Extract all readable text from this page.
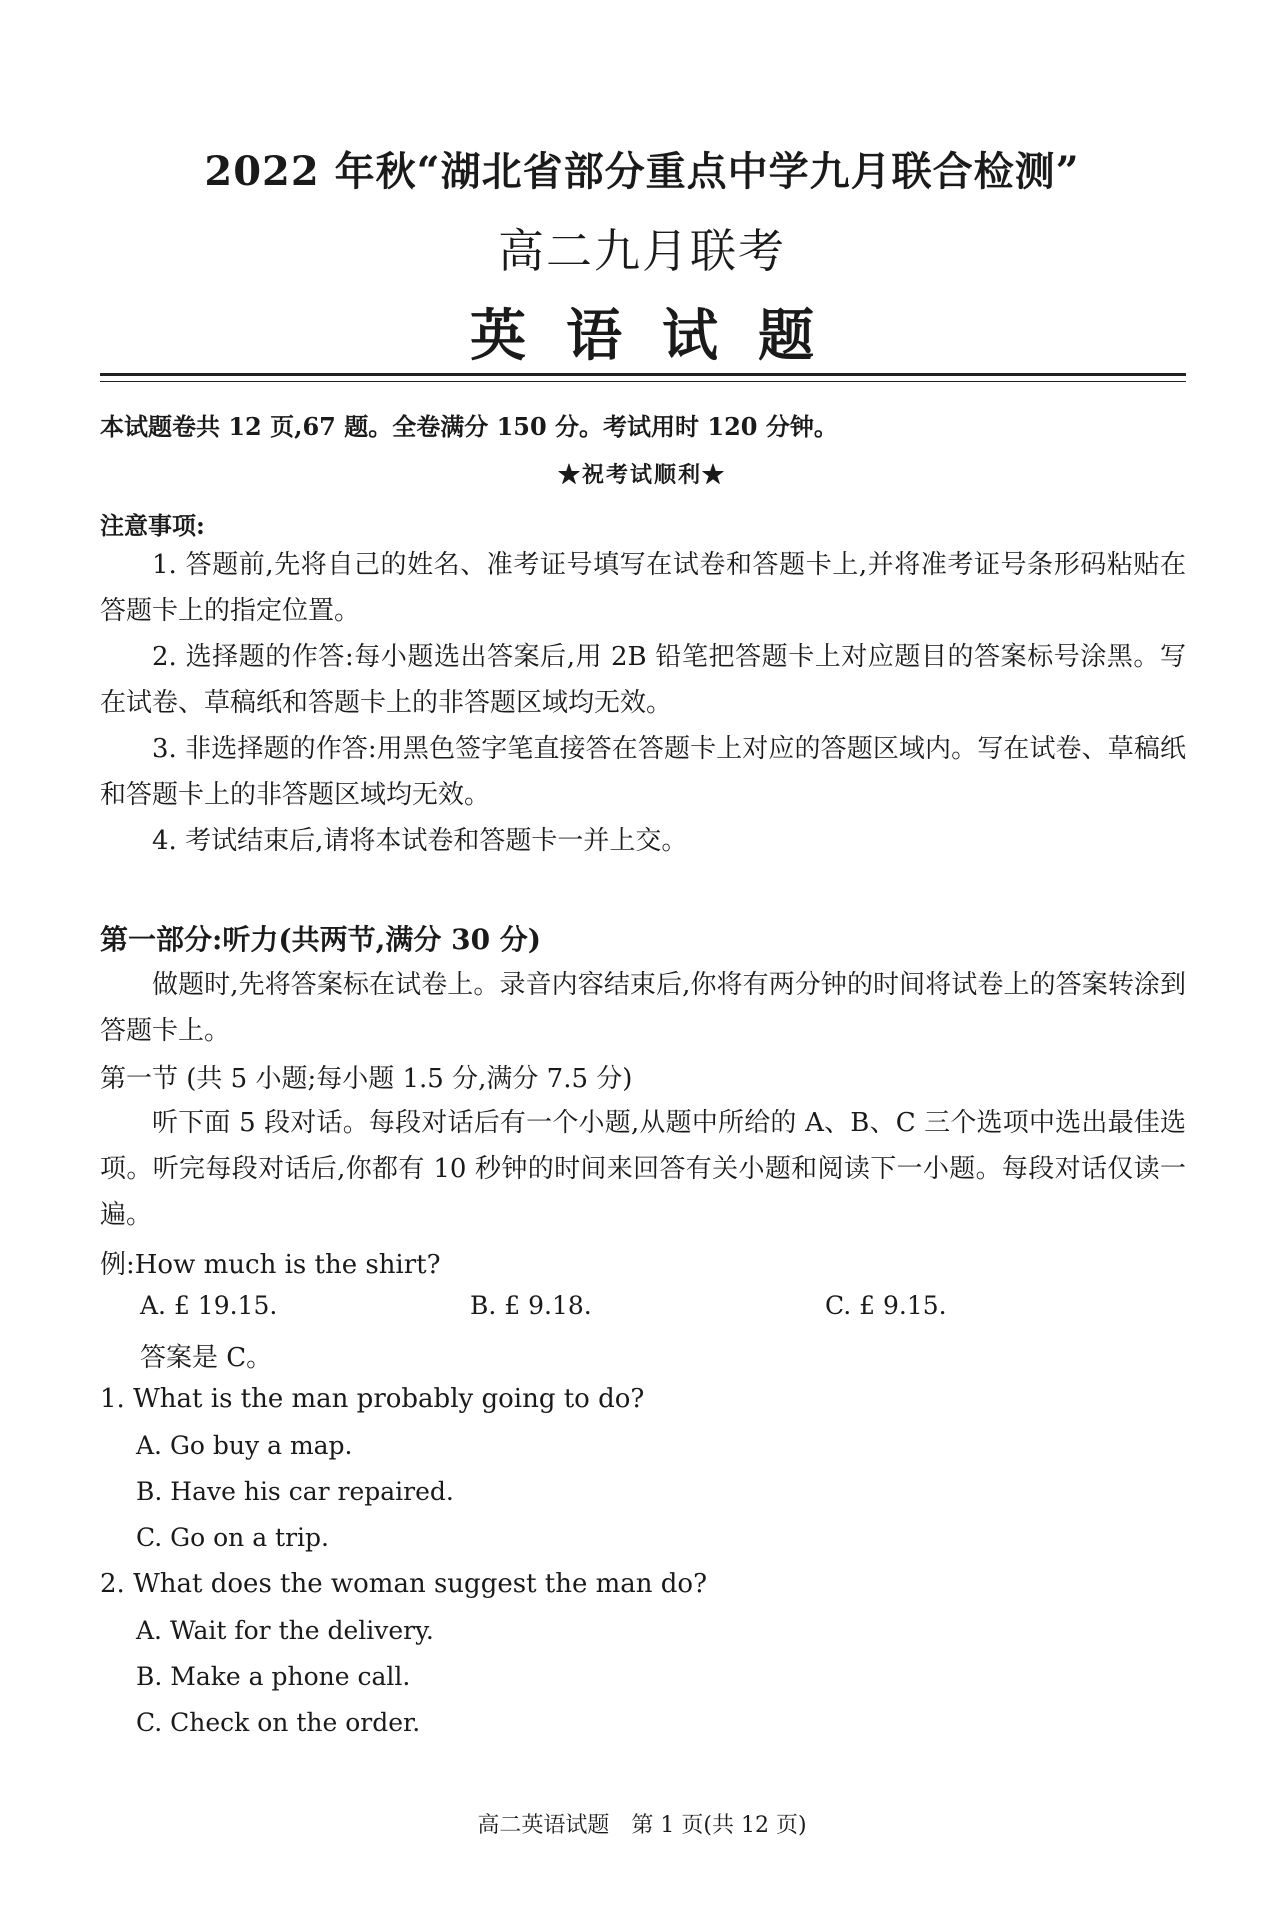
2022 年秋“湖北省部分重点中学九月联合检测”
高二九月联考
英语试题
本试题卷共 12 页,67 题。全卷满分 150 分。考试用时 120 分钟。
★祝考试顺利★
注意事项:
1. 答题前,先将自己的姓名、准考证号填写在试卷和答题卡上,并将准考证号条形码粘贴在答题卡上的指定位置。
2. 选择题的作答:每小题选出答案后,用 2B 铅笔把答题卡上对应题目的答案标号涂黑。写在试卷、草稿纸和答题卡上的非答题区域均无效。
3. 非选择题的作答:用黑色签字笔直接答在答题卡上对应的答题区域内。写在试卷、草稿纸和答题卡上的非答题区域均无效。
4. 考试结束后,请将本试卷和答题卡一并上交。
第一部分:听力(共两节,满分 30 分)
做题时,先将答案标在试卷上。录音内容结束后,你将有两分钟的时间将试卷上的答案转涂到答题卡上。
第一节 (共 5 小题;每小题 1.5 分,满分 7.5 分)
听下面 5 段对话。每段对话后有一个小题,从题中所给的 A、B、C 三个选项中选出最佳选项。听完每段对话后,你都有 10 秒钟的时间来回答有关小题和阅读下一小题。每段对话仅读一遍。
例:How much is the shirt?
A. £ 19.15.	B. £ 9.18.	C. £ 9.15.
答案是 C。
1. What is the man probably going to do?
A. Go buy a map.
B. Have his car repaired.
C. Go on a trip.
2. What does the woman suggest the man do?
A. Wait for the delivery.
B. Make a phone call.
C. Check on the order.
高二英语试题　第 1 页(共 12 页)
